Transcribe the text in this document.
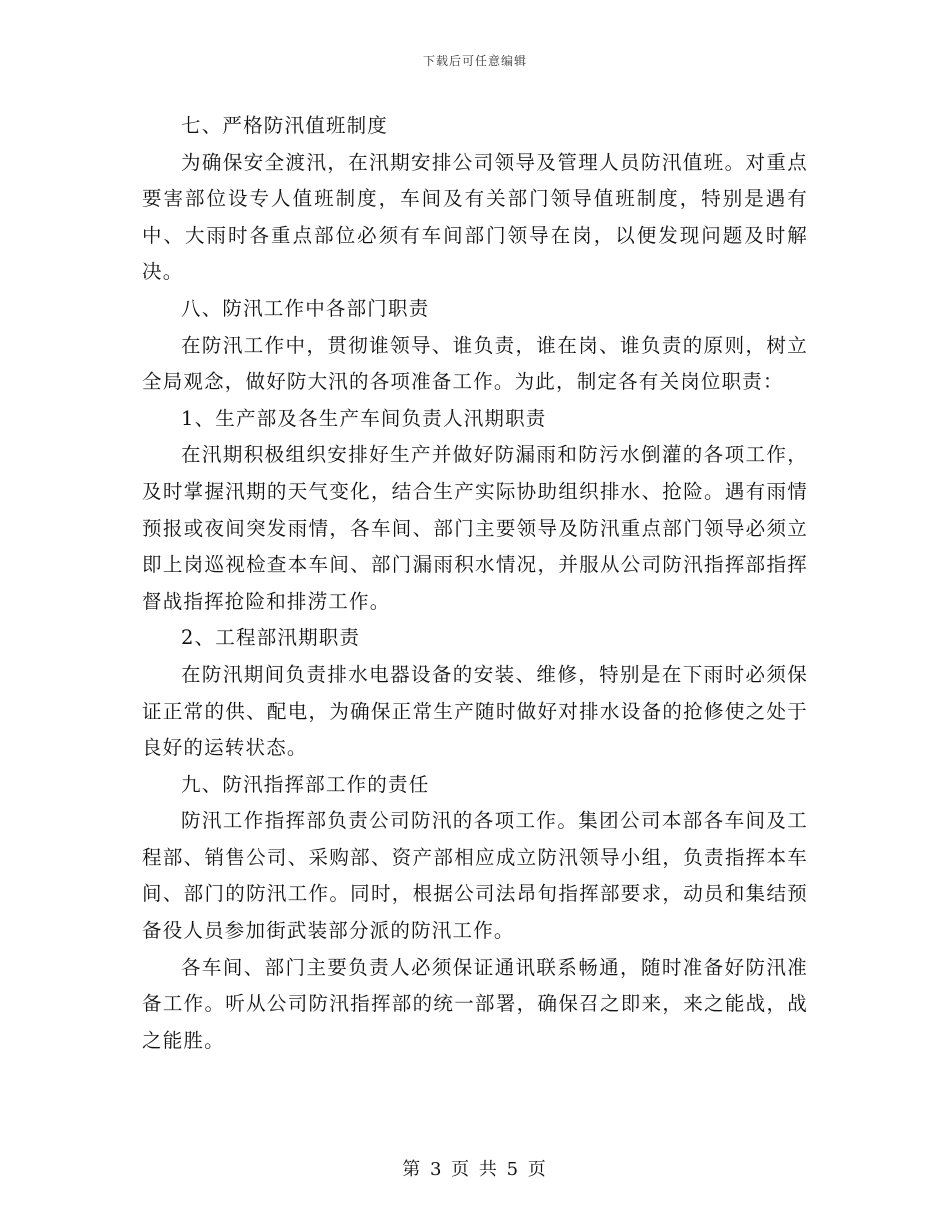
下载后可任意编辑

七、严格防汛值班制度

为确保安全渡汛，在汛期安排公司领导及管理人员防汛值班。对重点要害部位设专人值班制度，车间及有关部门领导值班制度，特别是遇有中、大雨时各重点部位必须有车间部门领导在岗，以便发现问题及时解决。

八、防汛工作中各部门职责

在防汛工作中，贯彻谁领导、谁负责，谁在岗、谁负责的原则，树立全局观念，做好防大汛的各项准备工作。为此，制定各有关岗位职责：

1、生产部及各生产车间负责人汛期职责

在汛期积极组织安排好生产并做好防漏雨和防污水倒灌的各项工作，及时掌握汛期的天气变化，结合生产实际协助组织排水、抢险。遇有雨情预报或夜间突发雨情，各车间、部门主要领导及防汛重点部门领导必须立即上岗巡视检查本车间、部门漏雨积水情况，并服从公司防汛指挥部指挥督战指挥抢险和排涝工作。

2、工程部汛期职责

在防汛期间负责排水电器设备的安装、维修，特别是在下雨时必须保证正常的供、配电，为确保正常生产随时做好对排水设备的抢修使之处于良好的运转状态。

九、防汛指挥部工作的责任

防汛工作指挥部负责公司防汛的各项工作。集团公司本部各车间及工程部、销售公司、采购部、资产部相应成立防汛领导小组，负责指挥本车间、部门的防汛工作。同时，根据公司法昂旬指挥部要求，动员和集结预备役人员参加街武装部分派的防汛工作。

各车间、部门主要负责人必须保证通讯联系畅通，随时准备好防汛准备工作。听从公司防汛指挥部的统一部署，确保召之即来，来之能战，战之能胜。

第 3 页 共 5 页
